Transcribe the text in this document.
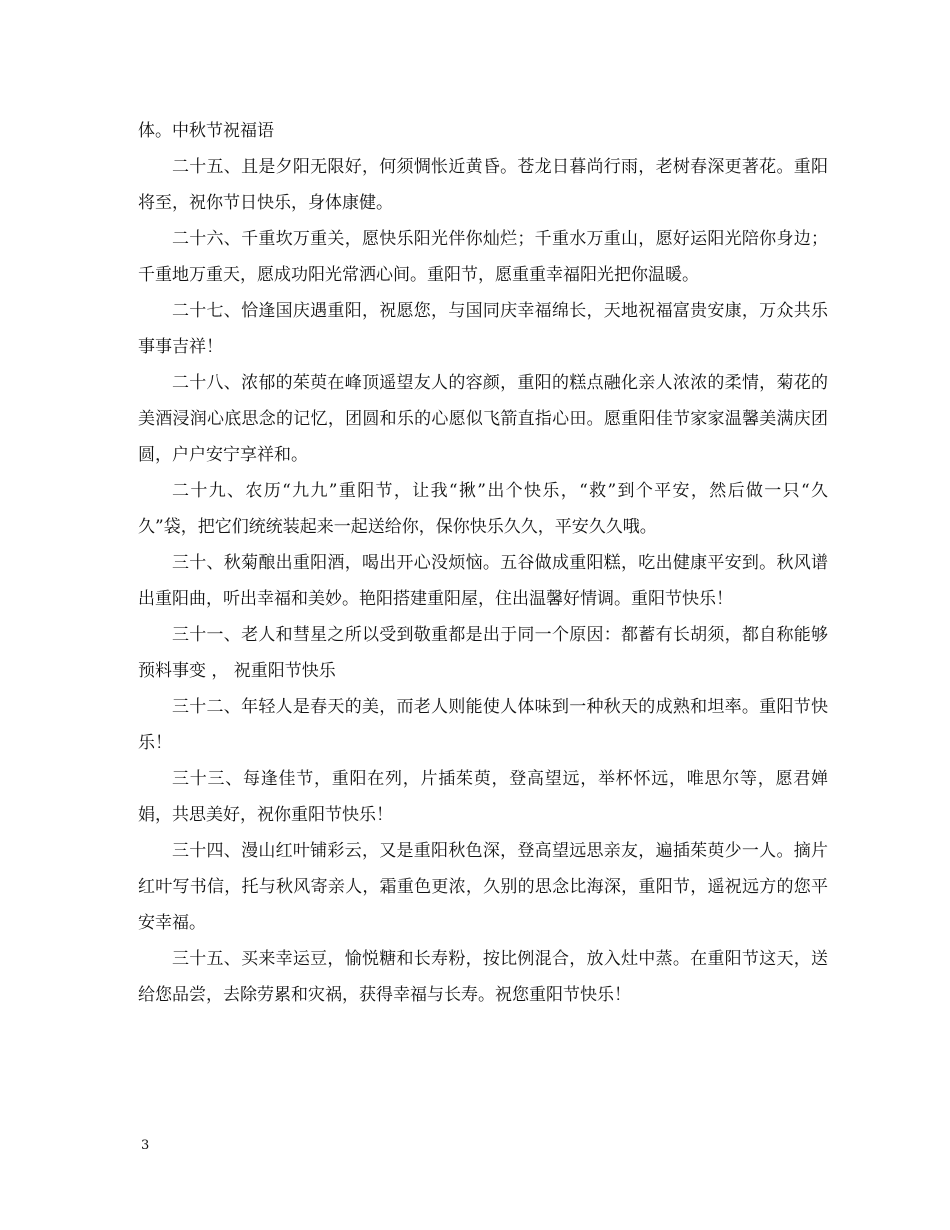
体。中秋节祝福语

二十五、且是夕阳无限好，何须惆怅近黄昏。苍龙日暮尚行雨，老树春深更著花。重阳将至，祝你节日快乐，身体康健。

二十六、千重坎万重关，愿快乐阳光伴你灿烂；千重水万重山，愿好运阳光陪你身边；千重地万重天，愿成功阳光常洒心间。重阳节，愿重重幸福阳光把你温暖。

二十七、恰逢国庆遇重阳，祝愿您，与国同庆幸福绵长，天地祝福富贵安康，万众共乐事事吉祥！

二十八、浓郁的茱萸在峰顶遥望友人的容颜，重阳的糕点融化亲人浓浓的柔情，菊花的美酒浸润心底思念的记忆，团圆和乐的心愿似飞箭直指心田。愿重阳佳节家家温馨美满庆团圆，户户安宁享祥和。

二十九、农历“九九”重阳节，让我“揪”出个快乐，“救”到个平安，然后做一只“久久”袋，把它们统统装起来一起送给你，保你快乐久久，平安久久哦。

三十、秋菊酿出重阳酒，喝出开心没烦恼。五谷做成重阳糕，吃出健康平安到。秋风谱出重阳曲，听出幸福和美妙。艳阳搭建重阳屋，住出温馨好情调。重阳节快乐！

三十一、老人和彗星之所以受到敬重都是出于同一个原因：都蓄有长胡须，都自称能够预料事变 ， 祝重阳节快乐

三十二、年轻人是春天的美，而老人则能使人体味到一种秋天的成熟和坦率。重阳节快乐！

三十三、每逢佳节，重阳在列，片插茱萸，登高望远，举杯怀远，唯思尔等，愿君婵娟，共思美好，祝你重阳节快乐！

三十四、漫山红叶铺彩云，又是重阳秋色深，登高望远思亲友，遍插茱萸少一人。摘片红叶写书信，托与秋风寄亲人，霜重色更浓，久别的思念比海深，重阳节，遥祝远方的您平安幸福。

三十五、买来幸运豆，愉悦糖和长寿粉，按比例混合，放入灶中蒸。在重阳节这天，送给您品尝，去除劳累和灾祸，获得幸福与长寿。祝您重阳节快乐！

3
